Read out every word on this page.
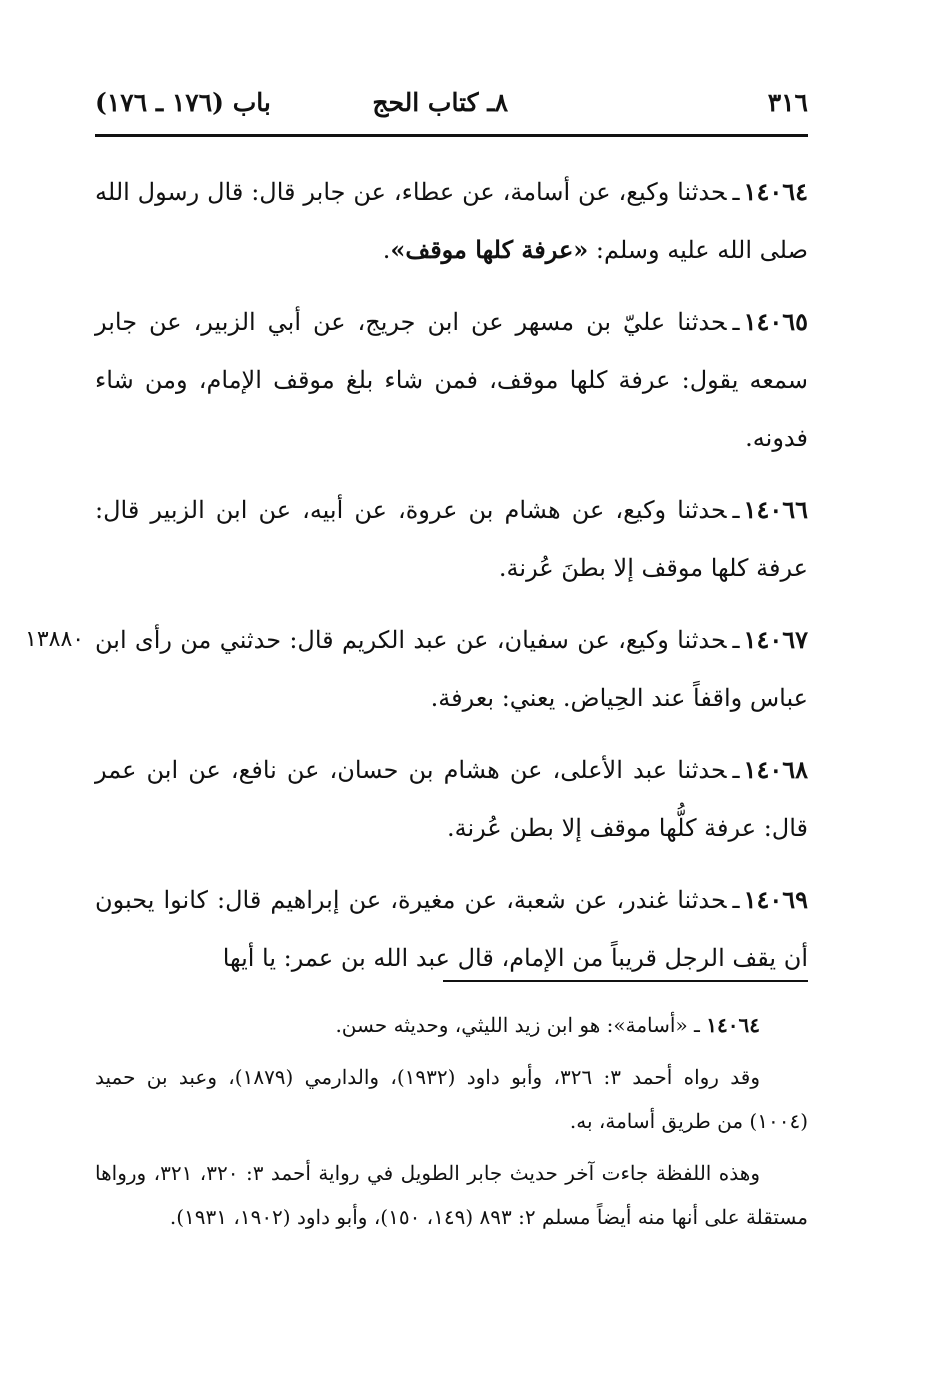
٣١٦
٨ـ كتاب الحج
باب (١٧٦ ـ ١٧٦)

١٤٠٦٤ـحدثنا وكيع، عن أسامة، عن عطاء، عن جابر قال: قال رسول الله صلى الله عليه وسلم: «عرفة كلها موقف».

١٤٠٦٥ـحدثنا عليّ بن مسهر عن ابن جريج، عن أبي الزبير، عن جابر سمعه يقول: عرفة كلها موقف، فمن شاء بلغ موقف الإمام، ومن شاء فدونه.

١٤٠٦٦ـحدثنا وكيع، عن هشام بن عروة، عن أبيه، عن ابن الزبير قال: عرفة كلها موقف إلا بطنَ عُرنة.

١٣٨٨٠	١٤٠٦٧ـحدثنا وكيع، عن سفيان، عن عبد الكريم قال: حدثني من رأى ابن عباس واقفاً عند الحِياض. يعني: بعرفة.

١٤٠٦٨ـحدثنا عبد الأعلى، عن هشام بن حسان، عن نافع، عن ابن عمر قال: عرفة كلُّها موقف إلا بطن عُرنة.

١٤٠٦٩ـحدثنا غندر، عن شعبة، عن مغيرة، عن إبراهيم قال: كانوا يحبون أن يقف الرجل قريباً من الإمام، قال عبد الله بن عمر: يا أيها

١٤٠٦٤ ـ «أسامة»: هو ابن زيد الليثي، وحديثه حسن.

وقد رواه أحمد ٣: ٣٢٦، وأبو داود (١٩٣٢)، والدارمي (١٨٧٩)، وعبد بن حميد (١٠٠٤) من طريق أسامة، به.

وهذه اللفظة جاءت آخر حديث جابر الطويل في رواية أحمد ٣: ٣٢٠، ٣٢١، ورواها مستقلة على أنها منه أيضاً مسلم ٢: ٨٩٣ (١٤٩، ١٥٠)، وأبو داود (١٩٠٢، ١٩٣١).
